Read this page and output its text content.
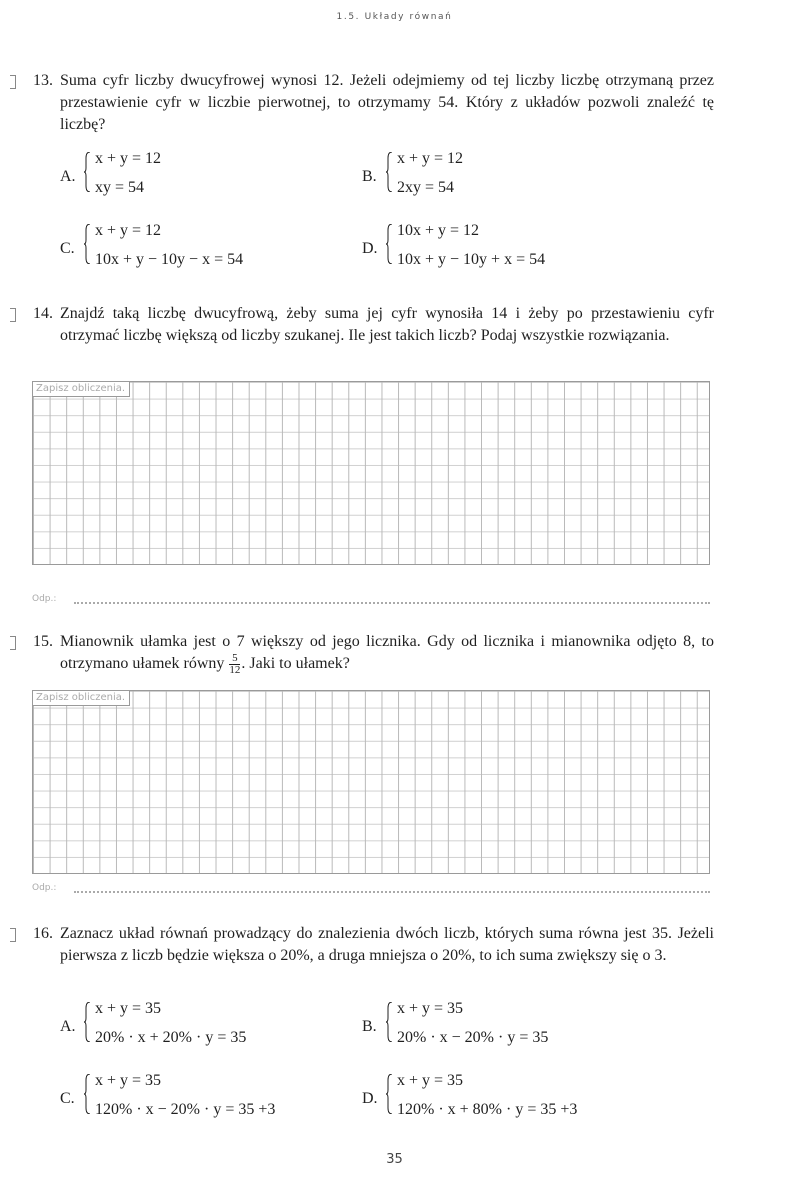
1.5. Układy równań
13. Suma cyfr liczby dwucyfrowej wynosi 12. Jeżeli odejmiemy od tej liczby liczbę otrzymaną przez przestawienie cyfr w liczbie pierwotnej, to otrzymamy 54. Który z układów pozwoli znaleźć tę liczbę?
A.
x + y = 12
xy = 54
B.
x + y = 12
2xy = 54
C.
x + y = 12
10x + y − 10y − x = 54
D.
10x + y = 12
10x + y − 10y + x = 54
14. Znajdź taką liczbę dwucyfrową, żeby suma jej cyfr wynosiła 14 i żeby po przestawieniu cyfr otrzymać liczbę większą od liczby szukanej. Ile jest takich liczb? Podaj wszystkie rozwiązania.
Zapisz obliczenia.
Odp.:
15. Mianownik ułamka jest o 7 większy od jego licznika. Gdy od licznika i mianownika odjęto 8, to otrzymano ułamek równy $\frac{5}{12}$ . Jaki to ułamek?
Zapisz obliczenia.
Odp.:
16. Zaznacz układ równań prowadzący do znalezienia dwóch liczb, których suma równa jest 35. Jeżeli pierwsza z liczb będzie większa o 20%, a druga mniejsza o 20%, to ich suma zwiększy się o 3.
A.
x + y = 35
20% · x + 20% · y = 35
B.
x + y = 35
20% · x − 20% · y = 35
C.
x + y = 35
120% · x − 20% · y = 35 +3
D.
x + y = 35
120% · x + 80% · y = 35 +3
35
